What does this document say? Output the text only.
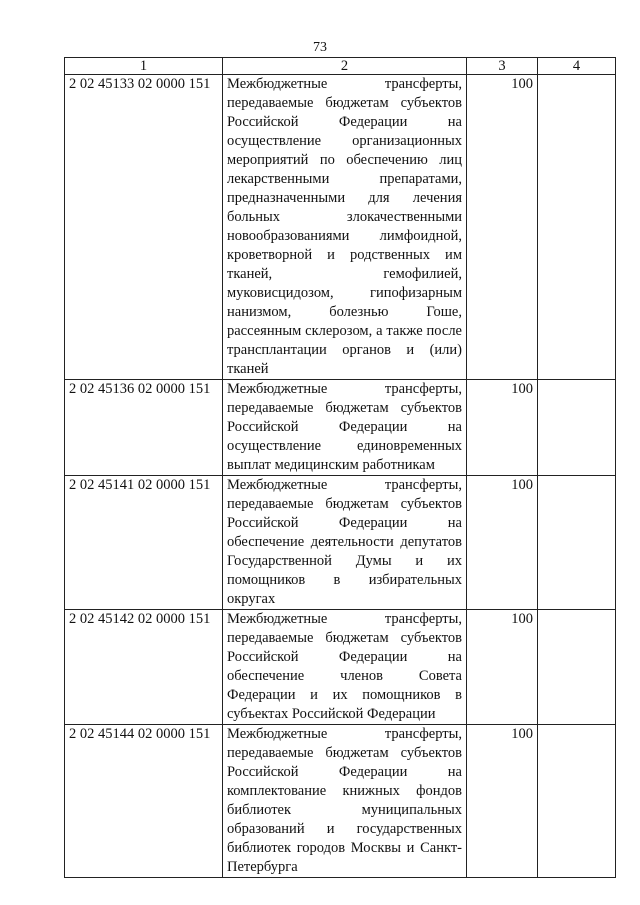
73
1	2	3	4
2 02 45133 02 0000 151	Межбюджетные трансферты, передаваемые бюджетам субъектов Российской Федерации на осуществление организационных мероприятий по обеспечению лиц лекарственными препаратами, предназначенными для лечения больных злокачественными новообразованиями лимфоидной, кроветворной и родственных им тканей, гемофилией, муковисцидозом, гипофизарным нанизмом, болезнью Гоше, рассеянным склерозом, а также после трансплантации органов и (или) тканей	100	
2 02 45136 02 0000 151	Межбюджетные трансферты, передаваемые бюджетам субъектов Российской Федерации на осуществление единовременных выплат медицинским работникам	100	
2 02 45141 02 0000 151	Межбюджетные трансферты, передаваемые бюджетам субъектов Российской Федерации на обеспечение деятельности депутатов Государственной Думы и их помощников в избирательных округах	100	
2 02 45142 02 0000 151	Межбюджетные трансферты, передаваемые бюджетам субъектов Российской Федерации на обеспечение членов Совета Федерации и их помощников в субъектах Российской Федерации	100	
2 02 45144 02 0000 151	Межбюджетные трансферты, передаваемые бюджетам субъектов Российской Федерации на комплектование книжных фондов библиотек муниципальных образований и государственных библиотек городов Москвы и Санкт-Петербурга	100	
